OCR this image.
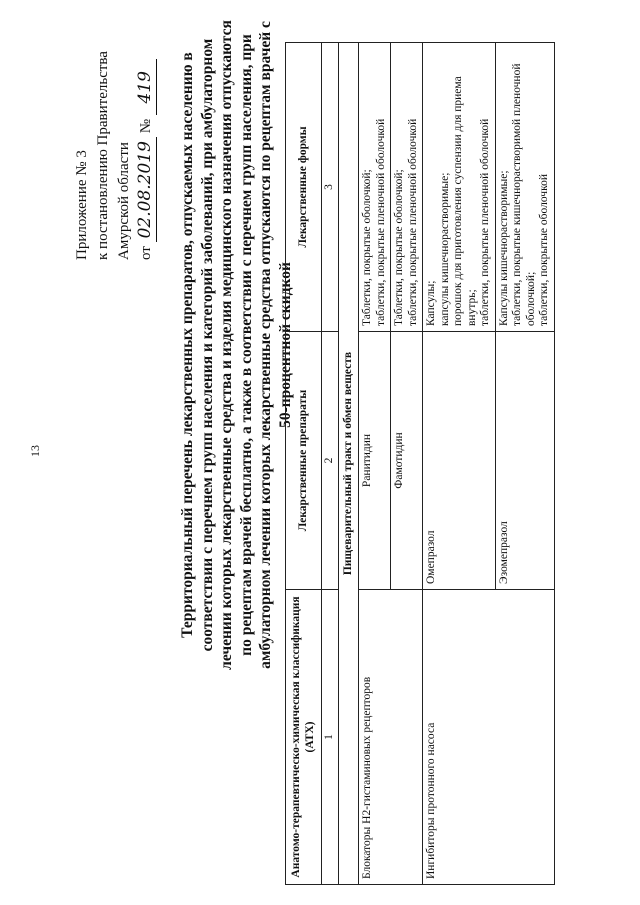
13
Приложение № 3 к постановлению Правительства Амурской области от 02.08.2019 № 419 Территориальный перечень лекарственных препаратов, отпускаемых населению в соответствии с перечнем групп населения и категорий заболеваний, при амбулаторном лечении которых лекарственные средства и изделия медицинского назначения отпускаются по рецептам врачей бесплатно, а также в соответствии с перечнем групп населения, при амбулаторном лечении которых лекарственные средства отпускаются по рецептам врачей с 50-процентной скидкой
Анатомо-терапевтическо-химическая классификация (АТХ)	Лекарственные препараты	Лекарственные формы
1	2	3
Пищеварительный тракт и обмен веществ		
Блокаторы Н2-гистаминовых рецепторов	Ранитидин	Таблетки, покрытые оболочкой; таблетки, покрытые пленочной оболочкой

	Фамотидин	Таблетки, покрытые оболочкой; таблетки, покрытые пленочной оболочкой

Ингибиторы протонного насоса	Омепразол	Капсулы; капсулы кишечнорастворимые; порошок для приготовления суспензии для приема внутрь; таблетки, покрытые пленочной оболочкой

	Эзомепразол	Капсулы кишечнорастворимые; таблетки, покрытые кишечнорастворимой пленочной оболочкой; таблетки, покрытые оболочкой
